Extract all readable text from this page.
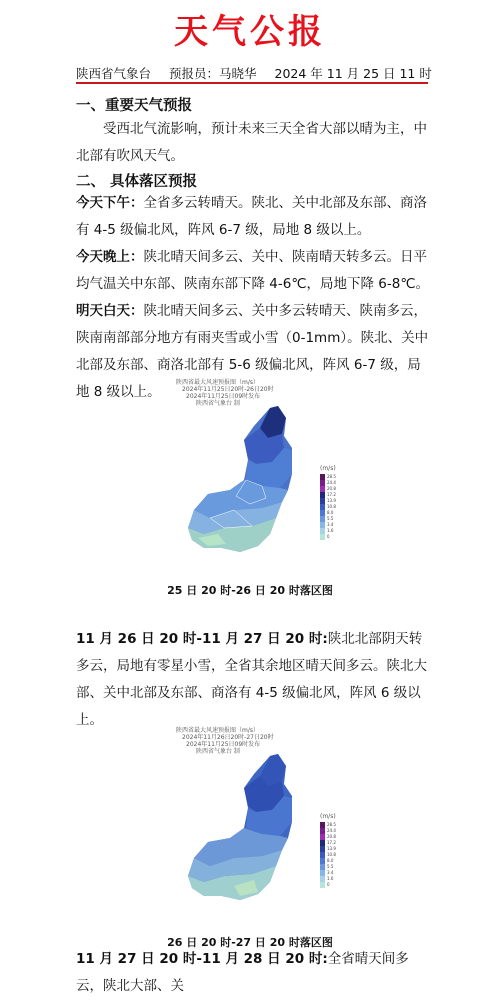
天气公报
陕西省气象台 预报员：马晓华 2024 年 11 月 25 日 11 时
一、重要天气预报
受西北气流影响，预计未来三天全省大部以晴为主，中北部有吹风天气。
二、 具体落区预报
今天下午：全省多云转晴天。陕北、关中北部及东部、商洛有 4-5 级偏北风，阵风 6-7 级，局地 8 级以上。
今天晚上：陕北晴天间多云、关中、陕南晴天转多云。日平均气温关中东部、陕南东部下降 4-6℃，局地下降 6-8℃。
明天白天：陕北晴天间多云、关中多云转晴天、陕南多云，陕南南部部分地方有雨夹雪或小雪（0-1mm）。陕北、关中北部及东部、商洛北部有 5-6 级偏北风，阵风 6-7 级，局地 8 级以上。
陕西省最大风速预报图（m/s）
2024年11月25日20时-26日20时
2024年11月25日09时发布
陕西省气象台 制
(m/s)
28.5
24.4
20.8
17.2
13.9
10.8
8.0
5.5
3.4
1.6
0
25 日 20 时-26 日 20 时落区图
11 月 26 日 20 时-11 月 27 日 20 时:陕北北部阴天转多云，局地有零星小雪，全省其余地区晴天间多云。陕北大部、关中北部及东部、商洛有 4-5 级偏北风，阵风 6 级以上。
陕西省最大风速预报图（m/s）
2024年11月26日20时-27日20时
2024年11月25日09时发布
陕西省气象台 制
(m/s)
28.5
24.4
20.8
17.2
13.9
10.8
8.0
5.5
3.4
1.6
0
26 日 20 时-27 日 20 时落区图
11 月 27 日 20 时-11 月 28 日 20 时:全省晴天间多云，陕北大部、关
